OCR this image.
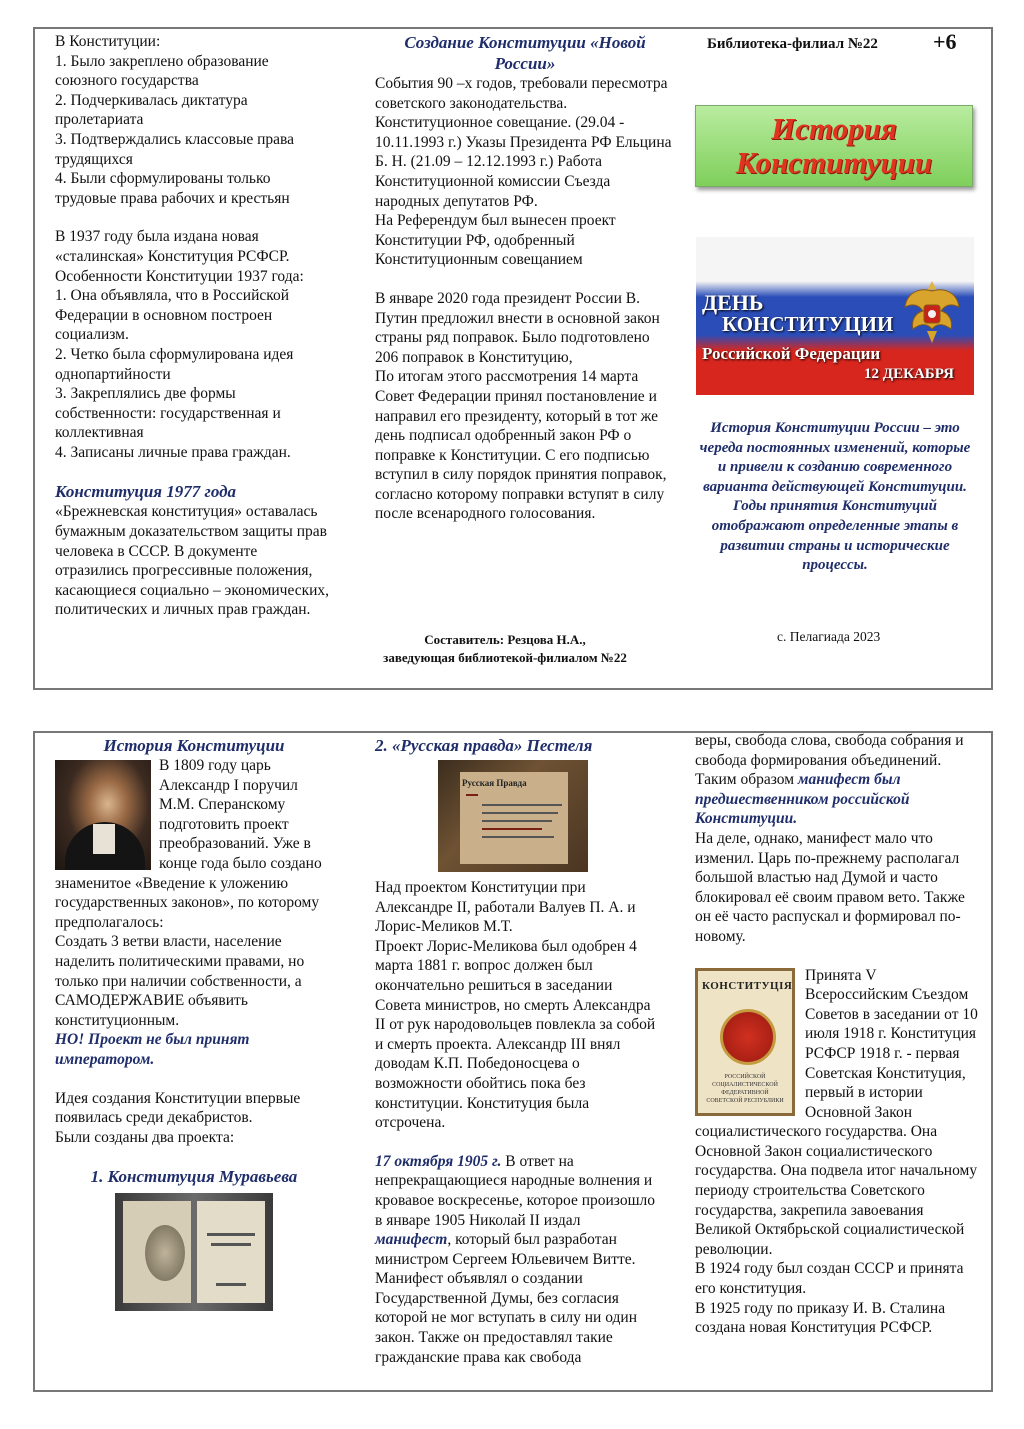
В Конституции:

1. Было закреплено образование союзного государства

2. Подчеркивалась диктатура пролетариата

3. Подтверждались классовые права трудящихся

4. Были сформулированы только трудовые права рабочих и крестьян

В 1937 году была издана новая «сталинская» Конституция РСФСР. Особенности Конституции 1937 года:

1. Она объявляла, что в Российской Федерации в основном построен социализм.

2. Четко была сформулирована идея однопартийности

3. Закреплялись две формы собственности: государственная и коллективная

4. Записаны личные права граждан.

Конституция 1977 года

«Брежневская конституция» оставалась бумажным доказательством защиты прав человека в СССР. В документе отразились прогрессивные положения, касающиеся социально – экономических, политических и личных прав граждан.

Создание Конституции «Новой России»

События 90 –х годов, требовали пересмотра советского законодательства.

Конституционное совещание. (29.04 - 10.11.1993 г.) Указы Президента РФ Ельцина Б. Н. (21.09 – 12.12.1993 г.) Работа Конституционной комиссии Съезда народных депутатов РФ.

На Референдум был вынесен проект Конституции РФ, одобренный Конституционным совещанием

В январе 2020 года президент России В. Путин предложил внести в основной закон страны ряд поправок. Было подготовлено 206 поправок в Конституцию,

По итогам этого рассмотрения 14 марта Совет Федерации принял постановление и направил его президенту, который в тот же день подписал одобренный закон РФ о поправке к Конституции. С его подписью вступил в силу порядок принятия поправок, согласно которому поправки вступят в силу после всенародного голосования.

Составитель: Резцова Н.А.,
заведующая библиотекой-филиалом №22
Библиотека-филиал №22	+6
История
Конституции
ДЕНЬ
КОНСТИТУЦИИ
Российской Федерации
12 ДЕКАБРЯ
История Конституции России – это череда постоянных изменений, которые и привели к созданию современного варианта действующей Конституции. Годы принятия Конституций отображают определенные этапы в развитии страны и исторические процессы.
с. Пелагиада 2023

История Конституции

В 1809 году царь Александр I поручил М.М. Сперанскому подготовить проект преобразований. Уже в конце года было создано знаменитое «Введение к уложению государственных законов», по которому предполагалось:

Создать 3 ветви власти, население наделить политическими правами, но только при наличии собственности, а САМОДЕРЖАВИЕ объявить конституционным.

НО! Проект не был принят императором.

Идея создания Конституции впервые появилась среди декабристов.

Были созданы два проекта:

1. Конституция Муравьева

2. «Русская правда» Пестеля

Русская Правда

Над проектом Конституции при Александре II, работали Валуев П. А. и Лорис-Меликов М.Т.

Проект Лорис-Меликова был одобрен 4 марта 1881 г. вопрос должен был окончательно решиться в заседании Совета министров, но смерть Александра II от рук народовольцев повлекла за собой и смерть проекта. Александр III внял доводам К.П. Победоносцева о возможности обойтись пока без конституции. Конституция была отсрочена.

17 октября 1905 г. В ответ на непрекращающиеся народные волнения и кровавое воскресенье, которое произошло в январе 1905 Николай II издал манифест, который был разработан министром Сергеем Юльевичем Витте.

Манифест объявлял о создании Государственной Думы, без согласия которой не мог вступать в силу ни один закон. Также он предоставлял такие гражданские права как свобода

веры, свобода слова, свобода собрания и свобода формирования объединений. Таким образом манифест был предшественником российской Конституции.

На деле, однако, манифест мало что изменил. Царь по-прежнему располагал большой властью над Думой и часто блокировал её своим правом вето. Также он её часто распускал и формировал по-новому.

КОНСТИТУЦІЯ
РОССИЙСКОЙ СОЦИАЛИСТИЧЕСКОЙ ФЕДЕРАТИВНОЙ СОВЕТСКОЙ РЕСПУБЛИКИ

Принята V Всероссийским Съездом Советов в заседании от 10 июля 1918 г. Конституция РСФСР 1918 г. - первая Советская Конституция, первый в истории Основной Закон социалистического государства. Она Основной Закон социалистического государства. Она подвела итог начальному периоду строительства Советского государства, закрепила завоевания Великой Октябрьской социалистической революции.

В 1924 году был создан СССР и принята его конституция.

В 1925 году по приказу И. В. Сталина создана новая Конституция РСФСР.
